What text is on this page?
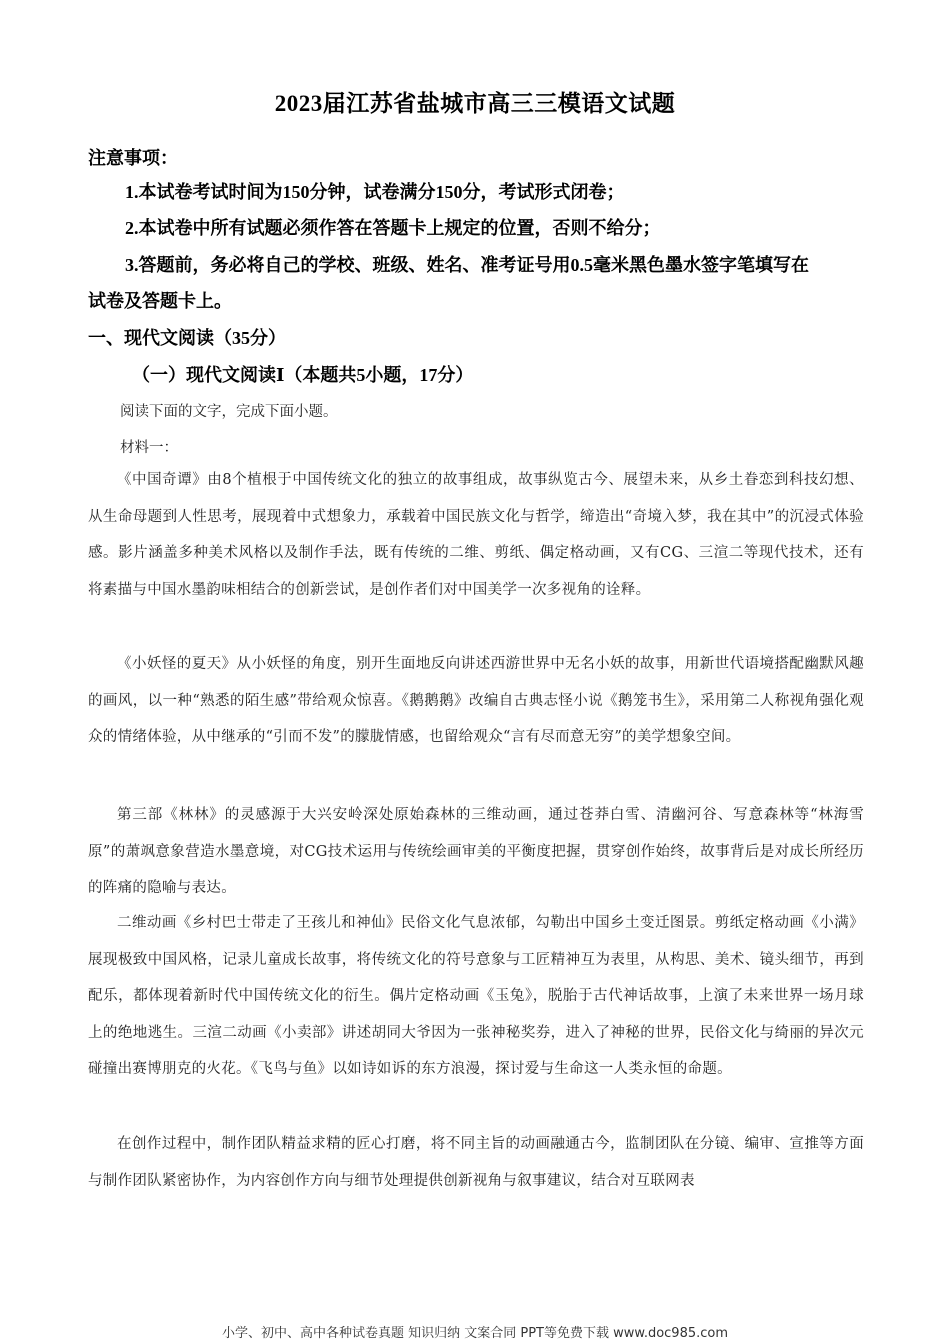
2023届江苏省盐城市高三三模语文试题
注意事项：
1.本试卷考试时间为150分钟，试卷满分150分，考试形式闭卷；
2.本试卷中所有试题必须作答在答题卡上规定的位置，否则不给分；
3.答题前，务必将自己的学校、班级、姓名、准考证号用0.5毫米黑色墨水签字笔填写在
试卷及答题卡上。
一、现代文阅读（35分）
（一）现代文阅读Ⅰ（本题共5小题，17分）
阅读下面的文字，完成下面小题。
材料一：
《中国奇谭》由8个植根于中国传统文化的独立的故事组成，故事纵览古今、展望未来，从乡土眷恋到科技幻想、从生命母题到人性思考，展现着中式想象力，承载着中国民族文化与哲学，缔造出“奇境入梦，我在其中”的沉浸式体验感。影片涵盖多种美术风格以及制作手法，既有传统的二维、剪纸、偶定格动画，又有CG、三渲二等现代技术，还有将素描与中国水墨韵味相结合的创新尝试，是创作者们对中国美学一次多视角的诠释。
《小妖怪的夏天》从小妖怪的角度，别开生面地反向讲述西游世界中无名小妖的故事，用新世代语境搭配幽默风趣的画风，以一种“熟悉的陌生感”带给观众惊喜。《鹅鹅鹅》改编自古典志怪小说《鹅笼书生》，采用第二人称视角强化观众的情绪体验，从中继承的“引而不发”的朦胧情感，也留给观众“言有尽而意无穷”的美学想象空间。
第三部《林林》的灵感源于大兴安岭深处原始森林的三维动画，通过苍莽白雪、清幽河谷、写意森林等“林海雪原”的萧飒意象营造水墨意境，对CG技术运用与传统绘画审美的平衡度把握，贯穿创作始终，故事背后是对成长所经历的阵痛的隐喻与表达。
二维动画《乡村巴士带走了王孩儿和神仙》民俗文化气息浓郁，勾勒出中国乡土变迁图景。剪纸定格动画《小满》展现极致中国风格，记录儿童成长故事，将传统文化的符号意象与工匠精神互为表里，从构思、美术、镜头细节，再到配乐，都体现着新时代中国传统文化的衍生。偶片定格动画《玉兔》，脱胎于古代神话故事，上演了未来世界一场月球上的绝地逃生。三渲二动画《小卖部》讲述胡同大爷因为一张神秘奖券，进入了神秘的世界，民俗文化与绮丽的异次元碰撞出赛博朋克的火花。《飞鸟与鱼》以如诗如诉的东方浪漫，探讨爱与生命这一人类永恒的命题。
在创作过程中，制作团队精益求精的匠心打磨，将不同主旨的动画融通古今，监制团队在分镜、编审、宣推等方面与制作团队紧密协作，为内容创作方向与细节处理提供创新视角与叙事建议，结合对互联网表
小学、初中、高中各种试卷真题 知识归纳 文案合同 PPT等免费下载 www.doc985.com
